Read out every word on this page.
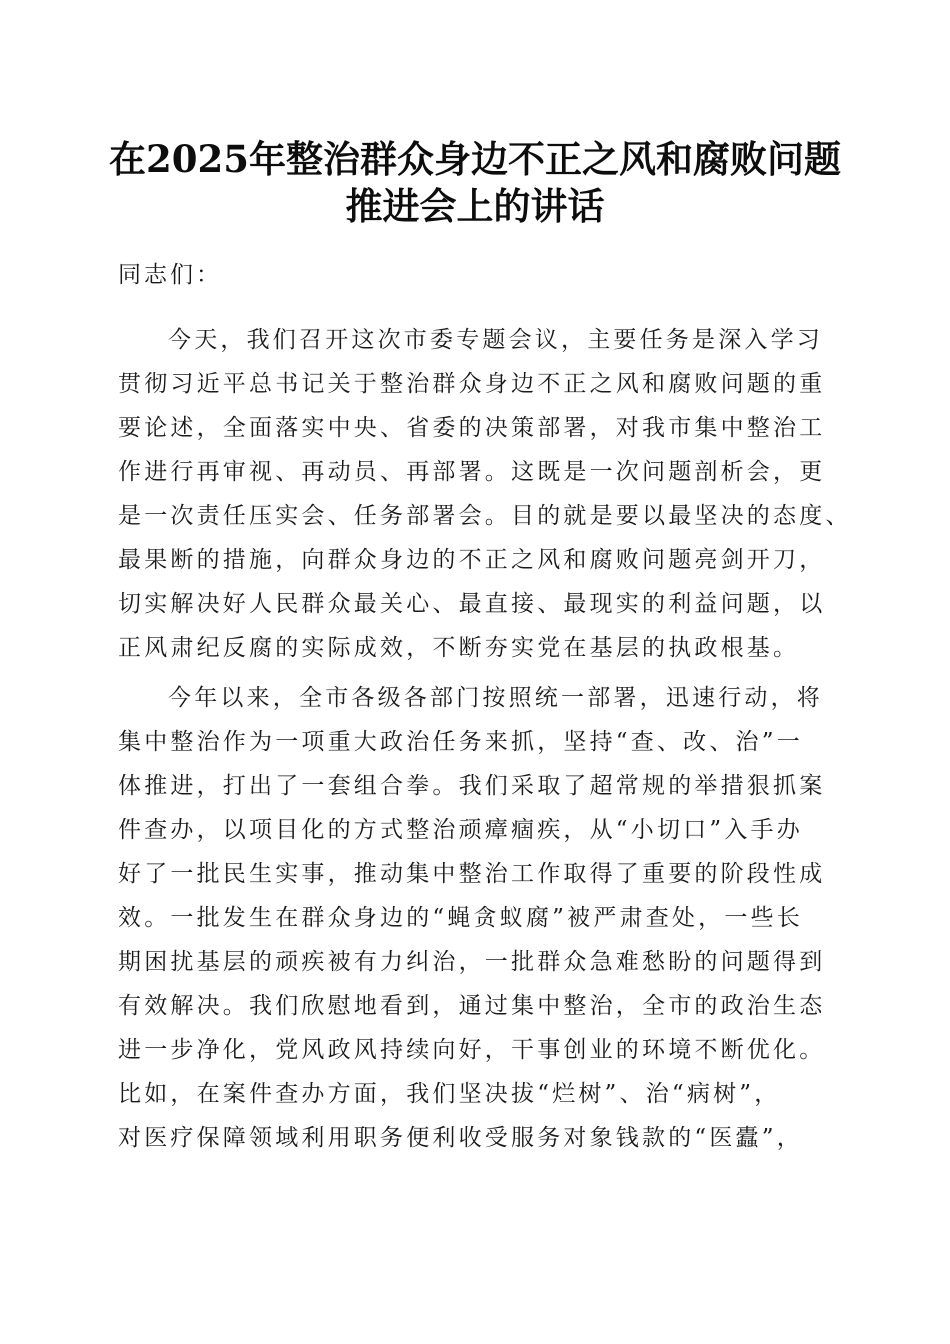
在2025年整治群众身边不正之风和腐败问题
推进会上的讲话
同志们：
今天，我们召开这次市委专题会议，主要任务是深入学习
贯彻习近平总书记关于整治群众身边不正之风和腐败问题的重
要论述，全面落实中央、省委的决策部署，对我市集中整治工
作进行再审视、再动员、再部署。这既是一次问题剖析会，更
是一次责任压实会、任务部署会。目的就是要以最坚决的态度、
最果断的措施，向群众身边的不正之风和腐败问题亮剑开刀，
切实解决好人民群众最关心、最直接、最现实的利益问题，以
正风肃纪反腐的实际成效，不断夯实党在基层的执政根基。
今年以来，全市各级各部门按照统一部署，迅速行动，将
集中整治作为一项重大政治任务来抓，坚持“查、改、治”一
体推进，打出了一套组合拳。我们采取了超常规的举措狠抓案
件查办，以项目化的方式整治顽瘴痼疾，从“小切口”入手办
好了一批民生实事，推动集中整治工作取得了重要的阶段性成
效。一批发生在群众身边的“蝇贪蚁腐”被严肃查处，一些长
期困扰基层的顽疾被有力纠治，一批群众急难愁盼的问题得到
有效解决。我们欣慰地看到，通过集中整治，全市的政治生态
进一步净化，党风政风持续向好，干事创业的环境不断优化。
比如，在案件查办方面，我们坚决拔“烂树”、治“病树”，
对医疗保障领域利用职务便利收受服务对象钱款的“医蠹”，
